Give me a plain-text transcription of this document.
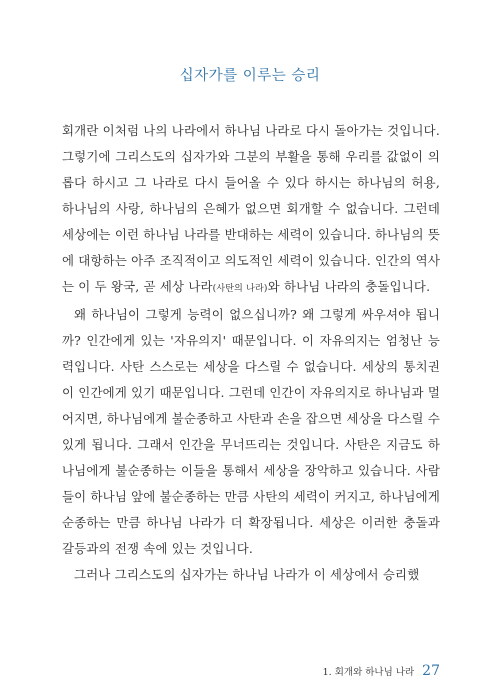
십자가를 이루는 승리

회개란 이처럼 나의 나라에서 하나님 나라로 다시 돌아가는 것입니다. 그렇기에 그리스도의 십자가와 그분의 부활을 통해 우리를 값없이 의롭다 하시고 그 나라로 다시 들어올 수 있다 하시는 하나님의 허용, 하나님의 사랑, 하나님의 은혜가 없으면 회개할 수 없습니다. 그런데 세상에는 이런 하나님 나라를 반대하는 세력이 있습니다. 하나님의 뜻에 대항하는 아주 조직적이고 의도적인 세력이 있습니다. 인간의 역사는 이 두 왕국, 곧 세상 나라(사탄의 나라)와 하나님 나라의 충돌입니다.

왜 하나님이 그렇게 능력이 없으십니까? 왜 그렇게 싸우셔야 됩니까? 인간에게 있는 '자유의지' 때문입니다. 이 자유의지는 엄청난 능력입니다. 사탄 스스로는 세상을 다스릴 수 없습니다. 세상의 통치권이 인간에게 있기 때문입니다. 그런데 인간이 자유의지로 하나님과 멀어지면, 하나님에게 불순종하고 사탄과 손을 잡으면 세상을 다스릴 수 있게 됩니다. 그래서 인간을 무너뜨리는 것입니다. 사탄은 지금도 하나님에게 불순종하는 이들을 통해서 세상을 장악하고 있습니다. 사람들이 하나님 앞에 불순종하는 만큼 사탄의 세력이 커지고, 하나님에게 순종하는 만큼 하나님 나라가 더 확장됩니다. 세상은 이러한 충돌과 갈등과의 전쟁 속에 있는 것입니다.

그러나 그리스도의 십자가는 하나님 나라가 이 세상에서 승리했

1. 회개와 하나님 나라 27
